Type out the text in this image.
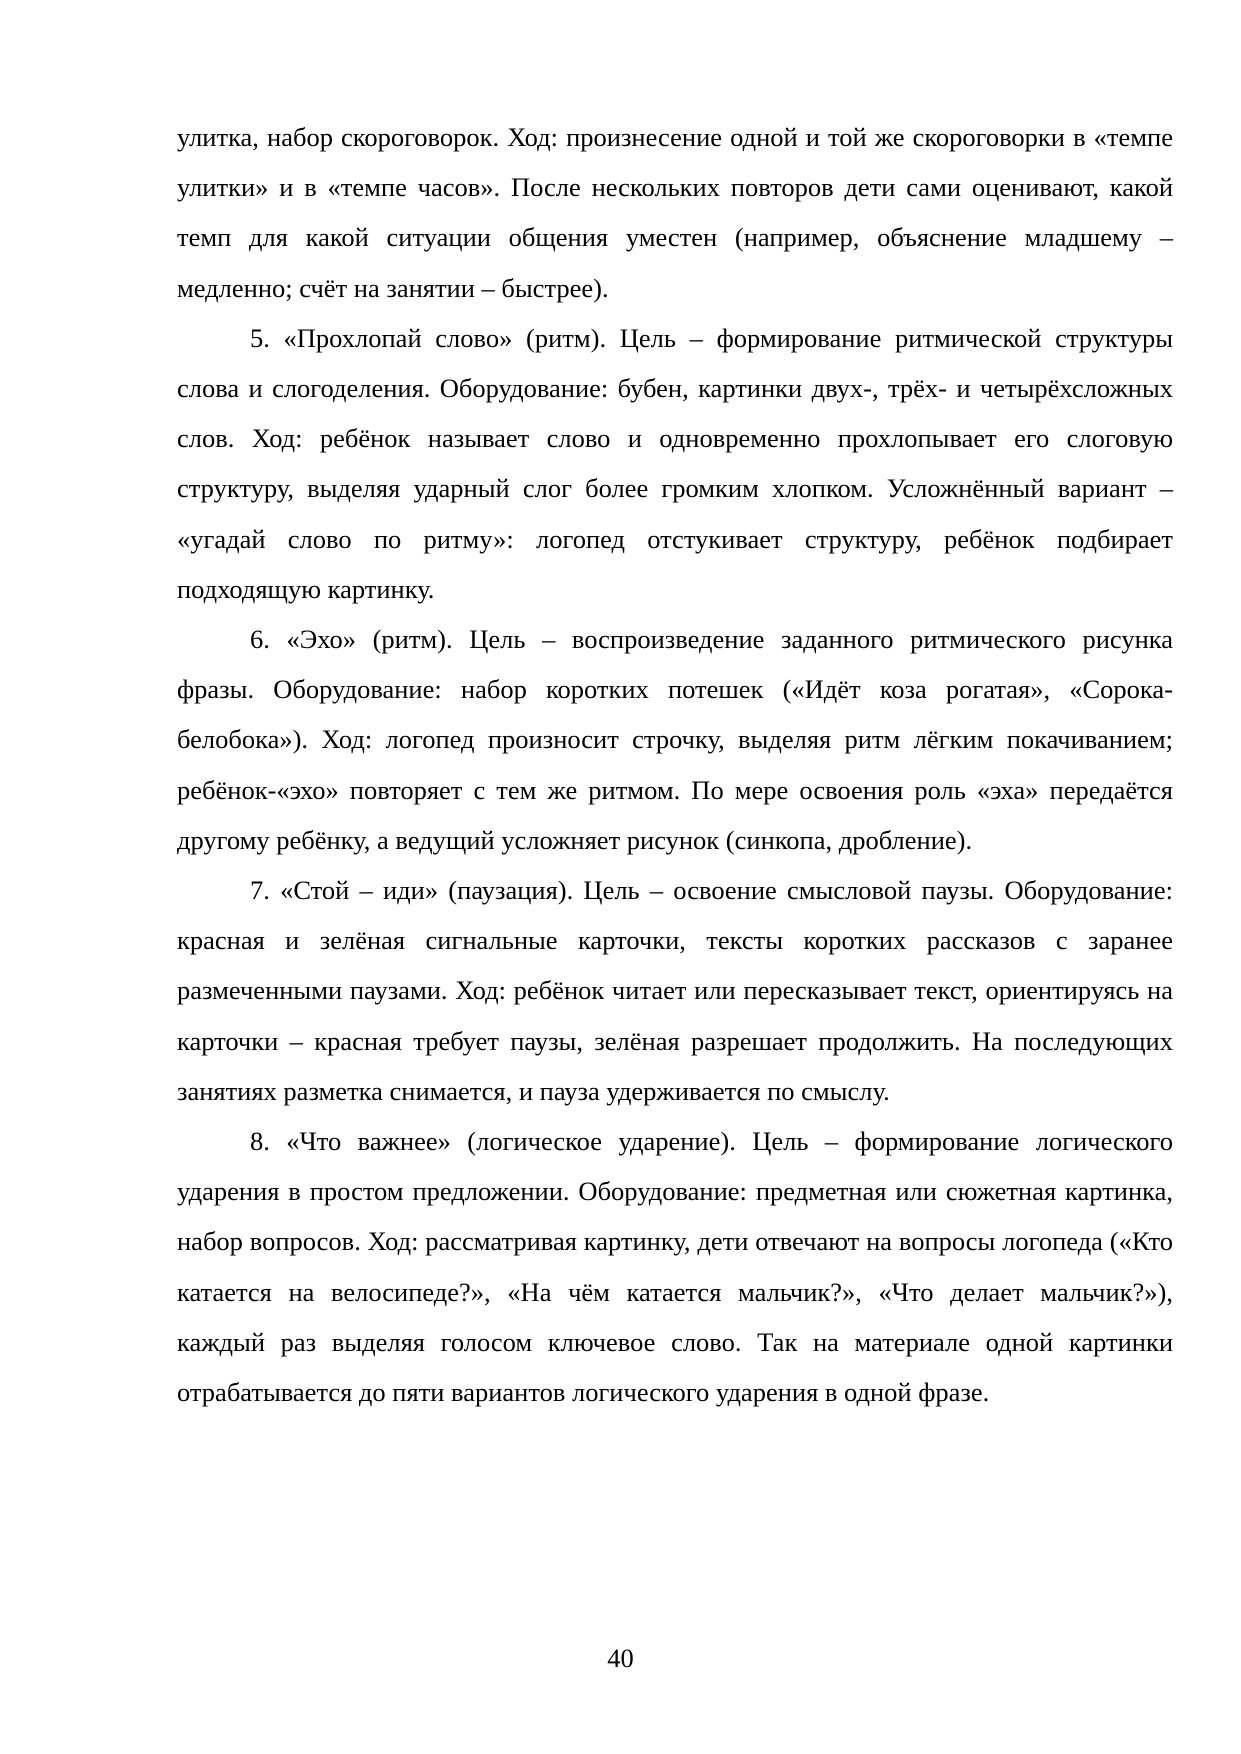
улитка, набор скороговорок. Ход: произнесение одной и той же скороговорки в «темпе улитки» и в «темпе часов». После нескольких повторов дети сами оценивают, какой темп для какой ситуации общения уместен (например, объяснение младшему – медленно; счёт на занятии – быстрее).

5. «Прохлопай слово» (ритм). Цель – формирование ритмической структуры слова и слогоделения. Оборудование: бубен, картинки двух-, трёх- и четырёхсложных слов. Ход: ребёнок называет слово и одновременно прохлопывает его слоговую структуру, выделяя ударный слог более громким хлопком. Усложнённый вариант – «угадай слово по ритму»: логопед отстукивает структуру, ребёнок подбирает подходящую картинку.

6. «Эхо» (ритм). Цель – воспроизведение заданного ритмического рисунка фразы. Оборудование: набор коротких потешек («Идёт коза рогатая», «Сорока-белобока»). Ход: логопед произносит строчку, выделяя ритм лёгким покачиванием; ребёнок-«эхо» повторяет с тем же ритмом. По мере освоения роль «эха» передаётся другому ребёнку, а ведущий усложняет рисунок (синкопа, дробление).

7. «Стой – иди» (паузация). Цель – освоение смысловой паузы. Оборудование: красная и зелёная сигнальные карточки, тексты коротких рассказов с заранее размеченными паузами. Ход: ребёнок читает или пересказывает текст, ориентируясь на карточки – красная требует паузы, зелёная разрешает продолжить. На последующих занятиях разметка снимается, и пауза удерживается по смыслу.

8. «Что важнее» (логическое ударение). Цель – формирование логического ударения в простом предложении. Оборудование: предметная или сюжетная картинка, набор вопросов. Ход: рассматривая картинку, дети отвечают на вопросы логопеда («Кто катается на велосипеде?», «На чём катается мальчик?», «Что делает мальчик?»), каждый раз выделяя голосом ключевое слово. Так на материале одной картинки отрабатывается до пяти вариантов логического ударения в одной фразе.

40
